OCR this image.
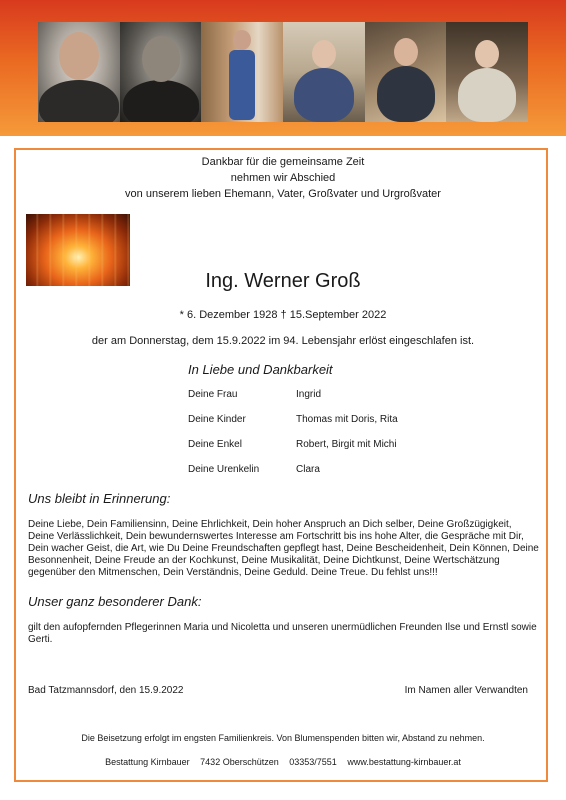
Dankbar für die gemeinsame Zeit
nehmen wir Abschied
von unserem lieben Ehemann, Vater, Großvater und Urgroßvater
Ing. Werner Groß
* 6. Dezember 1928 † 15.September 2022
der am Donnerstag, dem 15.9.2022 im 94. Lebensjahr erlöst eingeschlafen ist.
In Liebe und Dankbarkeit
Deine Frau	Ingrid
Deine Kinder	Thomas mit Doris, Rita
Deine Enkel	Robert, Birgit mit Michi
Deine Urenkelin	Clara
Uns bleibt in Erinnerung:
Deine Liebe, Dein Familiensinn, Deine Ehrlichkeit, Dein hoher Anspruch an Dich selber, Deine Großzügigkeit, Deine Verlässlichkeit, Dein bewundernswertes Interesse am Fortschritt bis ins hohe Alter, die Gespräche mit Dir, Dein wacher Geist, die Art, wie Du Deine Freundschaften gepflegt hast, Deine Bescheidenheit, Dein Können, Deine Besonnenheit, Deine Freude an der Kochkunst, Deine Musikalität, Deine Dichtkunst, Deine Wertschätzung gegenüber den Mitmenschen, Dein Verständnis, Deine Geduld. Deine Treue. Du fehlst uns!!!
Unser ganz besonderer Dank:
gilt den aufopfernden Pflegerinnen Maria und Nicoletta und unseren unermüdlichen Freunden Ilse und Ernstl sowie Gerti.
Bad Tatzmannsdorf, den 15.9.2022	Im Namen aller Verwandten
Die Beisetzung erfolgt im engsten Familienkreis. Von Blumenspenden bitten wir, Abstand zu nehmen.
Bestattung Kirnbauer 7432 Oberschützen 03353/7551 www.bestattung-kirnbauer.at
